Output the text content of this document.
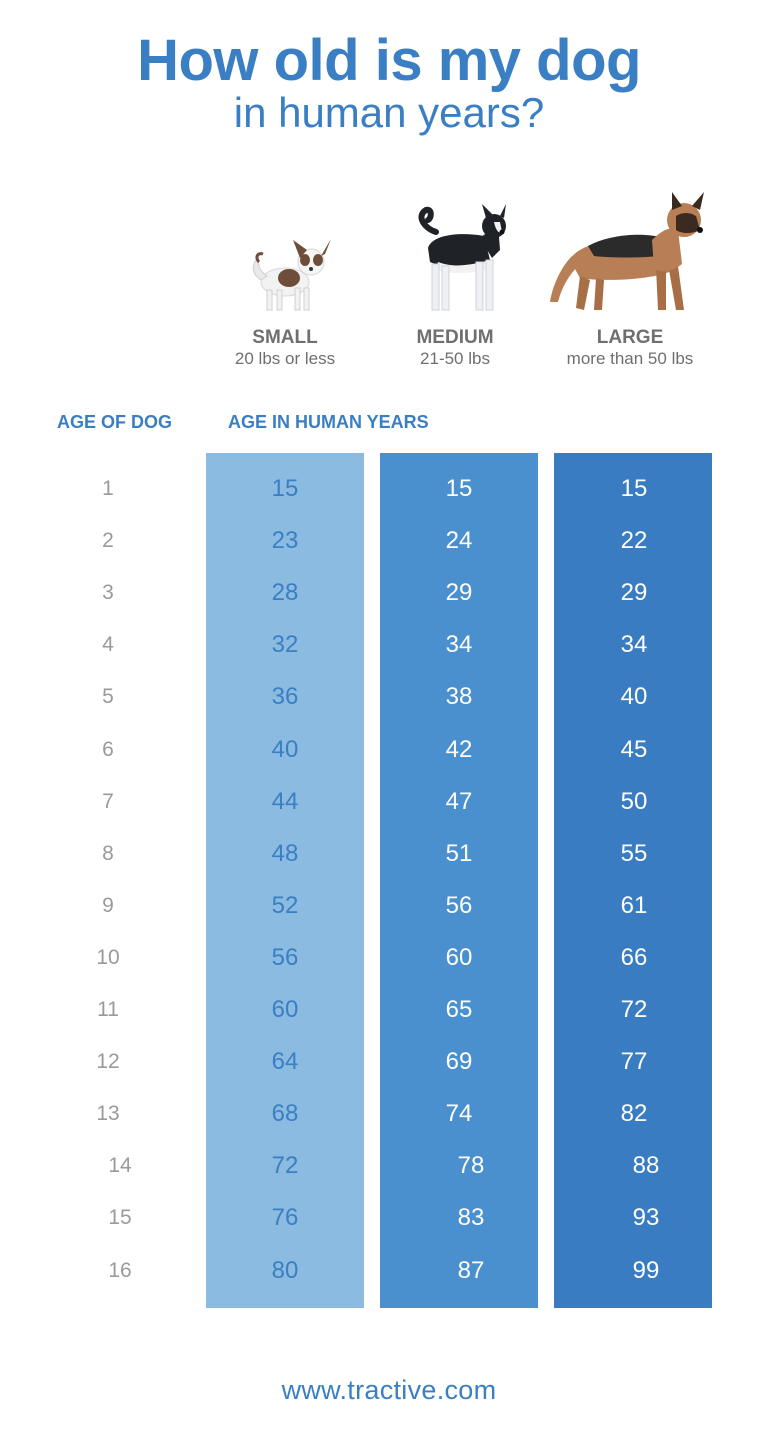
How old is my dog
in human years?
SMALL
20 lbs or less
MEDIUM
21-50 lbs
LARGE
more than 50 lbs
AGE OF DOG	AGE IN HUMAN YEARS
1	15	15	15
2	23	24	22
3	28	29	29
4	32	34	34
5	36	38	40
6	40	42	45
7	44	47	50
8	48	51	55
9	52	56	61
10	56	60	66
11	60	65	72
12	64	69	77
13	68	74	82
14	72	78	88
15	76	83	93
16	80	87	99
www.tractive.com
